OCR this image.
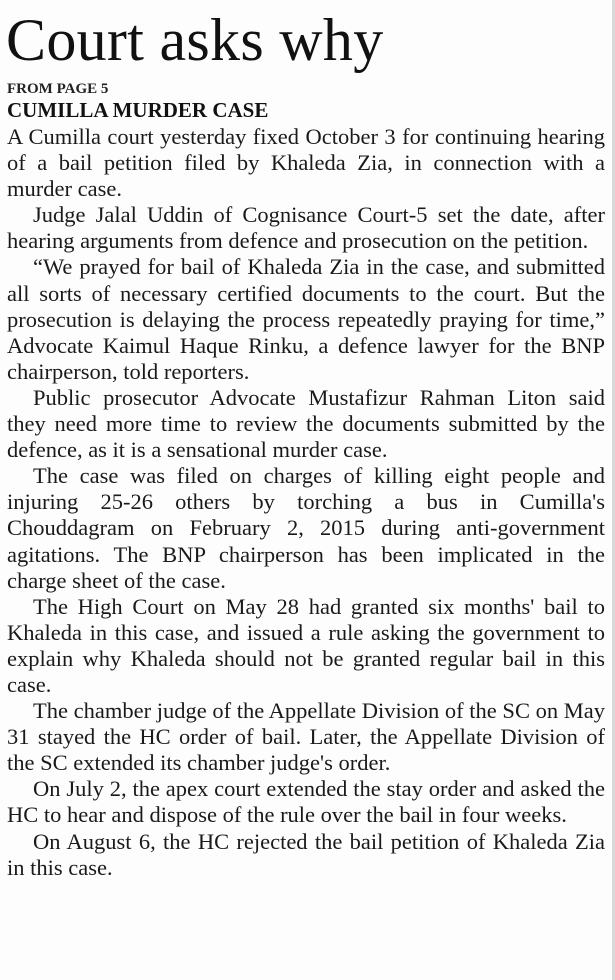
Court asks why
FROM PAGE 5
CUMILLA MURDER CASE

A Cumilla court yesterday fixed October 3 for continuing hearing of a bail petition filed by Khaleda Zia, in connection with a murder case.

Judge Jalal Uddin of Cognisance Court-5 set the date, after hearing arguments from defence and prosecution on the petition.

“We prayed for bail of Khaleda Zia in the case, and submitted all sorts of necessary certified documents to the court. But the prosecution is delaying the process repeatedly praying for time,” Advocate Kaimul Haque Rinku, a defence lawyer for the BNP chairperson, told reporters.

Public prosecutor Advocate Mustafizur Rahman Liton said they need more time to review the documents submitted by the defence, as it is a sensational murder case.

The case was filed on charges of killing eight people and injuring 25-26 others by torching a bus in Cumilla's Chouddagram on February 2, 2015 during anti-government agitations. The BNP chairperson has been implicated in the charge sheet of the case.

The High Court on May 28 had granted six months' bail to Khaleda in this case, and issued a rule asking the government to explain why Khaleda should not be granted regular bail in this case.

The chamber judge of the Appellate Division of the SC on May 31 stayed the HC order of bail. Later, the Appellate Division of the SC extended its chamber judge's order.

On July 2, the apex court extended the stay order and asked the HC to hear and dispose of the rule over the bail in four weeks.

On August 6, the HC rejected the bail petition of Khaleda Zia in this case.
